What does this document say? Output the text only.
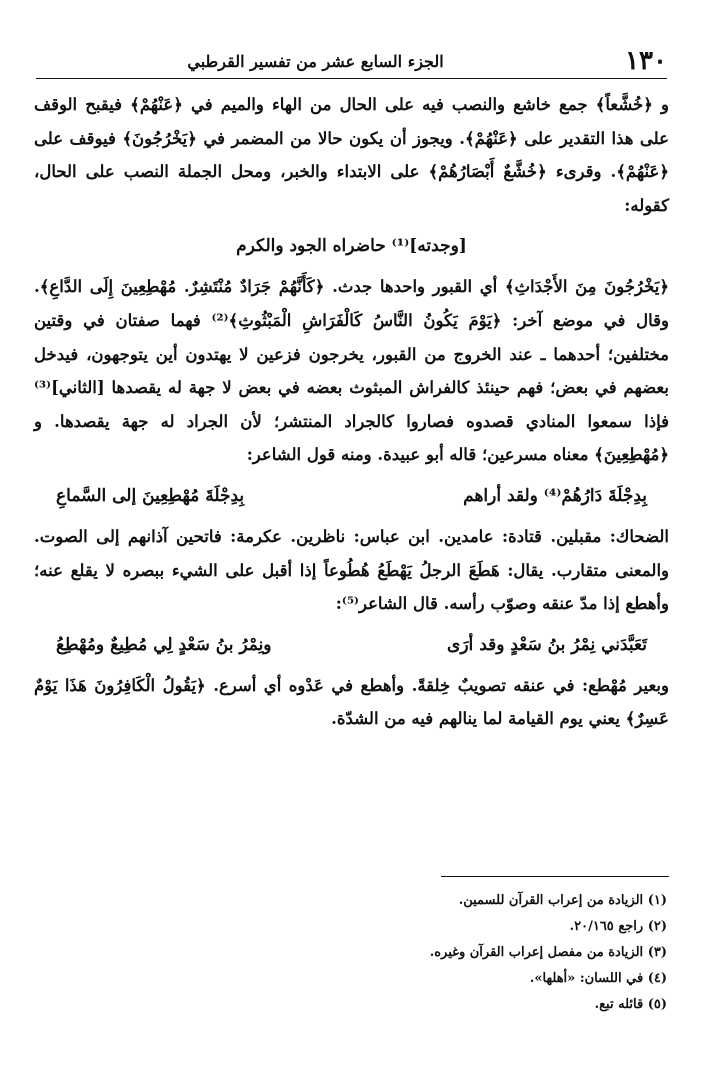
١٣٠
الجزء السابع عشر من تفسير القرطبي

و ﴿خُشَّعاً﴾ جمع خاشع والنصب فيه على الحال من الهاء والميم في ﴿عَنْهُمْ﴾ فيقبح الوقف على هذا التقدير على ﴿عَنْهُمْ﴾. ويجوز أن يكون حالا من المضمر في ﴿يَخْرُجُونَ﴾ فيوقف على ﴿عَنْهُمْ﴾. وقرىء ﴿خُشَّعٌ أَبْصَارُهُمْ﴾ على الابتداء والخبر، ومحل الجملة النصب على الحال، كقوله:

[وجدته]⁽¹⁾ حاضراه الجود والكرم

﴿يَخْرُجُونَ مِنَ الأَجْدَاثِ﴾ أي القبور واحدها جدث. ﴿كَأَنَّهُمْ جَرَادٌ مُنْتَشِرٌ. مُهْطِعِينَ إِلَى الدَّاعِ﴾. وقال في موضع آخر: ﴿يَوْمَ يَكُونُ النَّاسُ كَالْفَرَاشِ الْمَبْثُوثِ﴾⁽²⁾ فهما صفتان في وقتين مختلفين؛ أحدهما ـ عند الخروج من القبور، يخرجون فزعين لا يهتدون أين يتوجهون، فيدخل بعضهم في بعض؛ فهم حينئذ كالفراش المبثوث بعضه في بعض لا جهة له يقصدها [الثاني]⁽³⁾ فإذا سمعوا المنادي قصدوه فصاروا كالجراد المنتشر؛ لأن الجراد له جهة يقصدها. و ﴿مُهْطِعِينَ﴾ معناه مسرعين؛ قاله أبو عبيدة. ومنه قول الشاعر:

بِدِجْلَةَ دَارُهُمْ⁽⁴⁾ ولقد أراهم
بِدِجْلَةَ مُهْطِعِينَ إلى السَّماعِ

الضحاك: مقبلين. قتادة: عامدين. ابن عباس: ناظرين. عكرمة: فاتحين آذانهم إلى الصوت. والمعنى متقارب. يقال: هَطَعَ الرجلُ يَهْطَعُ هُطُوعاً إذا أقبل على الشيء ببصره لا يقلع عنه؛ وأهطع إذا مدّ عنقه وصوّب رأسه. قال الشاعر⁽⁵⁾:

تَعَبَّدَني نِمْرُ بنُ سَعْدٍ وقد أرَى
ونِمْرُ بنُ سَعْدٍ لِي مُطِيعٌ ومُهْطِعُ

وبعير مُهْطع: في عنقه تصويبٌ خِلقةً. وأهطع في عَدْوه أي أسرع. ﴿يَقُولُ الْكَافِرُونَ هَذَا يَوْمٌ عَسِرٌ﴾ يعني يوم القيامة لما ينالهم فيه من الشدّة.

(١) الزيادة من إعراب القرآن للسمين.
(٢) راجع ٢٠/١٦٥.
(٣) الزيادة من مفصل إعراب القرآن وغيره.
(٤) في اللسان: «أهلها».
(٥) قائله تبع.
